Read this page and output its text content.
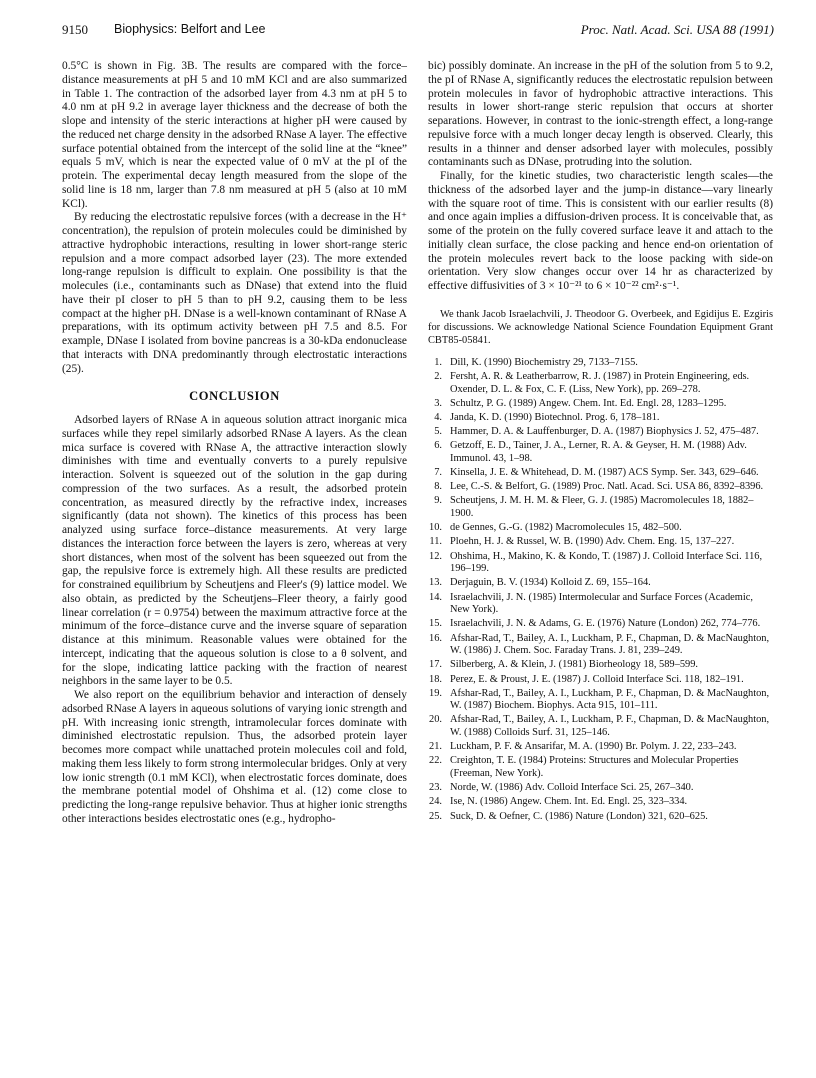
9150 Biophysics: Belfort and Lee	Proc. Natl. Acad. Sci. USA 88 (1991)

0.5°C is shown in Fig. 3B. The results are compared with the force–distance measurements at pH 5 and 10 mM KCl and are also summarized in Table 1. The contraction of the adsorbed layer from 4.3 nm at pH 5 to 4.0 nm at pH 9.2 in average layer thickness and the decrease of both the slope and intensity of the steric interactions at higher pH were caused by the reduced net charge density in the adsorbed RNase A layer. The effective surface potential obtained from the intercept of the solid line at the “knee” equals 5 mV, which is near the expected value of 0 mV at the pI of the protein. The experimental decay length measured from the slope of the solid line is 18 nm, larger than 7.8 nm measured at pH 5 (also at 10 mM KCl).

By reducing the electrostatic repulsive forces (with a decrease in the H⁺ concentration), the repulsion of protein molecules could be diminished by attractive hydrophobic interactions, resulting in lower short-range steric repulsion and a more compact adsorbed layer (23). The more extended long-range repulsion is difficult to explain. One possibility is that the molecules (i.e., contaminants such as DNase) that extend into the fluid have their pI closer to pH 5 than to pH 9.2, causing them to be less compact at the higher pH. DNase is a well-known contaminant of RNase A preparations, with its optimum activity between pH 7.5 and 8.5. For example, DNase I isolated from bovine pancreas is a 30-kDa endonuclease that interacts with DNA predominantly through electrostatic interactions (25).

CONCLUSION

Adsorbed layers of RNase A in aqueous solution attract inorganic mica surfaces while they repel similarly adsorbed RNase A layers. As the clean mica surface is covered with RNase A, the attractive interaction slowly diminishes with time and eventually converts to a purely repulsive interaction. Solvent is squeezed out of the solution in the gap during compression of the two surfaces. As a result, the adsorbed protein concentration, as measured directly by the refractive index, increases significantly (data not shown). The kinetics of this process has been analyzed using surface force–distance measurements. At very large distances the interaction force between the layers is zero, whereas at very short distances, when most of the solvent has been squeezed out from the gap, the repulsive force is extremely high. All these results are predicted for constrained equilibrium by Scheutjens and Fleer's (9) lattice model. We also obtain, as predicted by the Scheutjens–Fleer theory, a fairly good linear correlation (r = 0.9754) between the maximum attractive force at the minimum of the force–distance curve and the inverse square of separation distance at this minimum. Reasonable values were obtained for the intercept, indicating that the aqueous solution is close to a θ solvent, and for the slope, indicating lattice packing with the fraction of nearest neighbors in the same layer to be 0.5.

We also report on the equilibrium behavior and interaction of densely adsorbed RNase A layers in aqueous solutions of varying ionic strength and pH. With increasing ionic strength, intramolecular forces dominate with diminished electrostatic repulsion. Thus, the adsorbed protein layer becomes more compact while unattached protein molecules coil and fold, making them less likely to form strong intermolecular bridges. Only at very low ionic strength (0.1 mM KCl), when electrostatic forces dominate, does the membrane potential model of Ohshima et al. (12) come close to predicting the long-range repulsive behavior. Thus at higher ionic strengths other interactions besides electrostatic ones (e.g., hydropho-

bic) possibly dominate. An increase in the pH of the solution from 5 to 9.2, the pI of RNase A, significantly reduces the electrostatic repulsion between protein molecules in favor of hydrophobic attractive interactions. This results in lower short-range steric repulsion that occurs at shorter separations. However, in contrast to the ionic-strength effect, a long-range repulsive force with a much longer decay length is observed. Clearly, this results in a thinner and denser adsorbed layer with molecules, possibly contaminants such as DNase, protruding into the solution.

Finally, for the kinetic studies, two characteristic length scales—the thickness of the adsorbed layer and the jump-in distance—vary linearly with the square root of time. This is consistent with our earlier results (8) and once again implies a diffusion-driven process. It is conceivable that, as some of the protein on the fully covered surface leave it and attach to the initially clean surface, the close packing and hence end-on orientation of the protein molecules revert back to the loose packing with side-on orientation. Very slow changes occur over 14 hr as characterized by effective diffusivities of 3 × 10⁻²¹ to 6 × 10⁻²² cm²·s⁻¹.

We thank Jacob Israelachvili, J. Theodoor G. Overbeek, and Egidijus E. Ezgiris for discussions. We acknowledge National Science Foundation Equipment Grant CBT85-05841.

1. Dill, K. (1990) Biochemistry 29, 7133–7155.
2. Fersht, A. R. & Leatherbarrow, R. J. (1987) in Protein Engineering, eds. Oxender, D. L. & Fox, C. F. (Liss, New York), pp. 269–278.
3. Schultz, P. G. (1989) Angew. Chem. Int. Ed. Engl. 28, 1283–1295.
4. Janda, K. D. (1990) Biotechnol. Prog. 6, 178–181.
5. Hammer, D. A. & Lauffenburger, D. A. (1987) Biophysics J. 52, 475–487.
6. Getzoff, E. D., Tainer, J. A., Lerner, R. A. & Geyser, H. M. (1988) Adv. Immunol. 43, 1–98.
7. Kinsella, J. E. & Whitehead, D. M. (1987) ACS Symp. Ser. 343, 629–646.
8. Lee, C.-S. & Belfort, G. (1989) Proc. Natl. Acad. Sci. USA 86, 8392–8396.
9. Scheutjens, J. M. H. M. & Fleer, G. J. (1985) Macromolecules 18, 1882–1900.
10. de Gennes, G.-G. (1982) Macromolecules 15, 482–500.
11. Ploehn, H. J. & Russel, W. B. (1990) Adv. Chem. Eng. 15, 137–227.
12. Ohshima, H., Makino, K. & Kondo, T. (1987) J. Colloid Interface Sci. 116, 196–199.
13. Derjaguin, B. V. (1934) Kolloid Z. 69, 155–164.
14. Israelachvili, J. N. (1985) Intermolecular and Surface Forces (Academic, New York).
15. Israelachvili, J. N. & Adams, G. E. (1976) Nature (London) 262, 774–776.
16. Afshar-Rad, T., Bailey, A. I., Luckham, P. F., Chapman, D. & MacNaughton, W. (1986) J. Chem. Soc. Faraday Trans. J. 81, 239–249.
17. Silberberg, A. & Klein, J. (1981) Biorheology 18, 589–599.
18. Perez, E. & Proust, J. E. (1987) J. Colloid Interface Sci. 118, 182–191.
19. Afshar-Rad, T., Bailey, A. I., Luckham, P. F., Chapman, D. & MacNaughton, W. (1987) Biochem. Biophys. Acta 915, 101–111.
20. Afshar-Rad, T., Bailey, A. I., Luckham, P. F., Chapman, D. & MacNaughton, W. (1988) Colloids Surf. 31, 125–146.
21. Luckham, P. F. & Ansarifar, M. A. (1990) Br. Polym. J. 22, 233–243.
22. Creighton, T. E. (1984) Proteins: Structures and Molecular Properties (Freeman, New York).
23. Norde, W. (1986) Adv. Colloid Interface Sci. 25, 267–340.
24. Ise, N. (1986) Angew. Chem. Int. Ed. Engl. 25, 323–334.
25. Suck, D. & Oefner, C. (1986) Nature (London) 321, 620–625.
